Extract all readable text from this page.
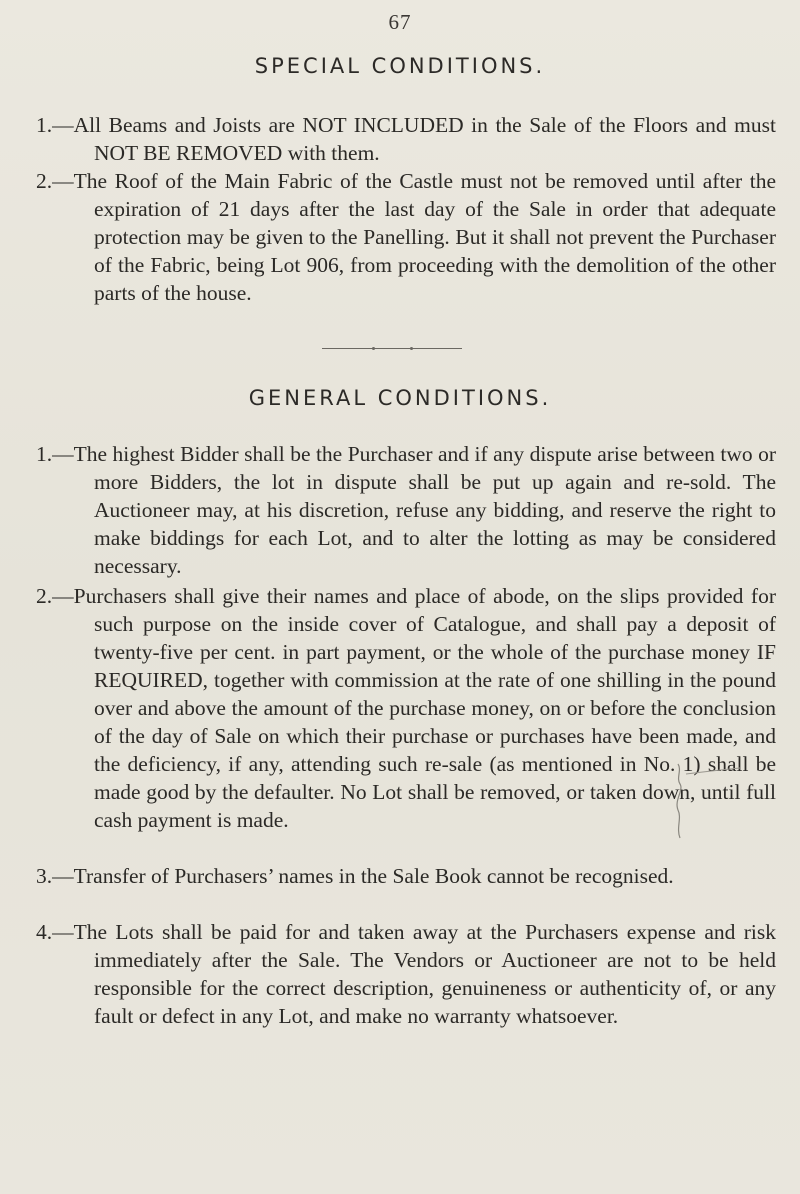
67
SPECIAL CONDITIONS.
1.—All Beams and Joists are NOT INCLUDED in the Sale of the Floors and must NOT BE REMOVED with them.
2.—The Roof of the Main Fabric of the Castle must not be removed until after the expiration of 21 days after the last day of the Sale in order that adequate protection may be given to the Panelling. But it shall not prevent the Purchaser of the Fabric, being Lot 906, from proceeding with the demolition of the other parts of the house.
GENERAL CONDITIONS.
1.—The highest Bidder shall be the Purchaser and if any dispute arise between two or more Bidders, the lot in dispute shall be put up again and re-sold. The Auctioneer may, at his discretion, refuse any bidding, and reserve the right to make biddings for each Lot, and to alter the lotting as may be considered necessary.
2.—Purchasers shall give their names and place of abode, on the slips provided for such purpose on the inside cover of Catalogue, and shall pay a deposit of twenty-five per cent. in part payment, or the whole of the purchase money IF REQUIRED, together with commission at the rate of one shilling in the pound over and above the amount of the purchase money, on or before the conclusion of the day of Sale on which their purchase or purchases have been made, and the deficiency, if any, attending such re-sale (as mentioned in No. 1) shall be made good by the defaulter. No Lot shall be removed, or taken down, until full cash payment is made.
3.—Transfer of Purchasers’ names in the Sale Book cannot be recognised.
4.—The Lots shall be paid for and taken away at the Purchasers expense and risk immediately after the Sale. The Vendors or Auctioneer are not to be held responsible for the correct description, genuineness or authenticity of, or any fault or defect in any Lot, and make no warranty whatsoever.
